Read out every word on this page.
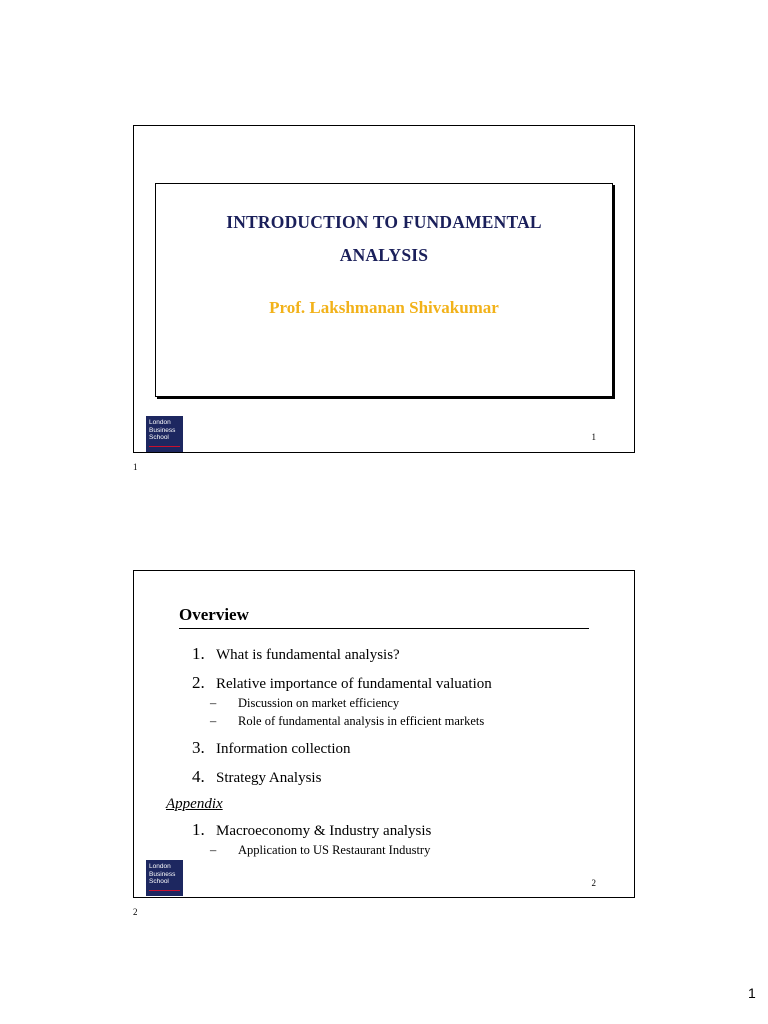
INTRODUCTION TO FUNDAMENTAL
ANALYSIS
Prof. Lakshmanan Shivakumar
London
Business
School	1
1
Overview
1. What is fundamental analysis?
2. Relative importance of fundamental valuation
–	Discussion on market efficiency
–	Role of fundamental analysis in efficient markets
3. Information collection
4. Strategy Analysis
Appendix
1. Macroeconomy & Industry analysis
–	Application to US Restaurant Industry
London
Business
School	2
2
1
